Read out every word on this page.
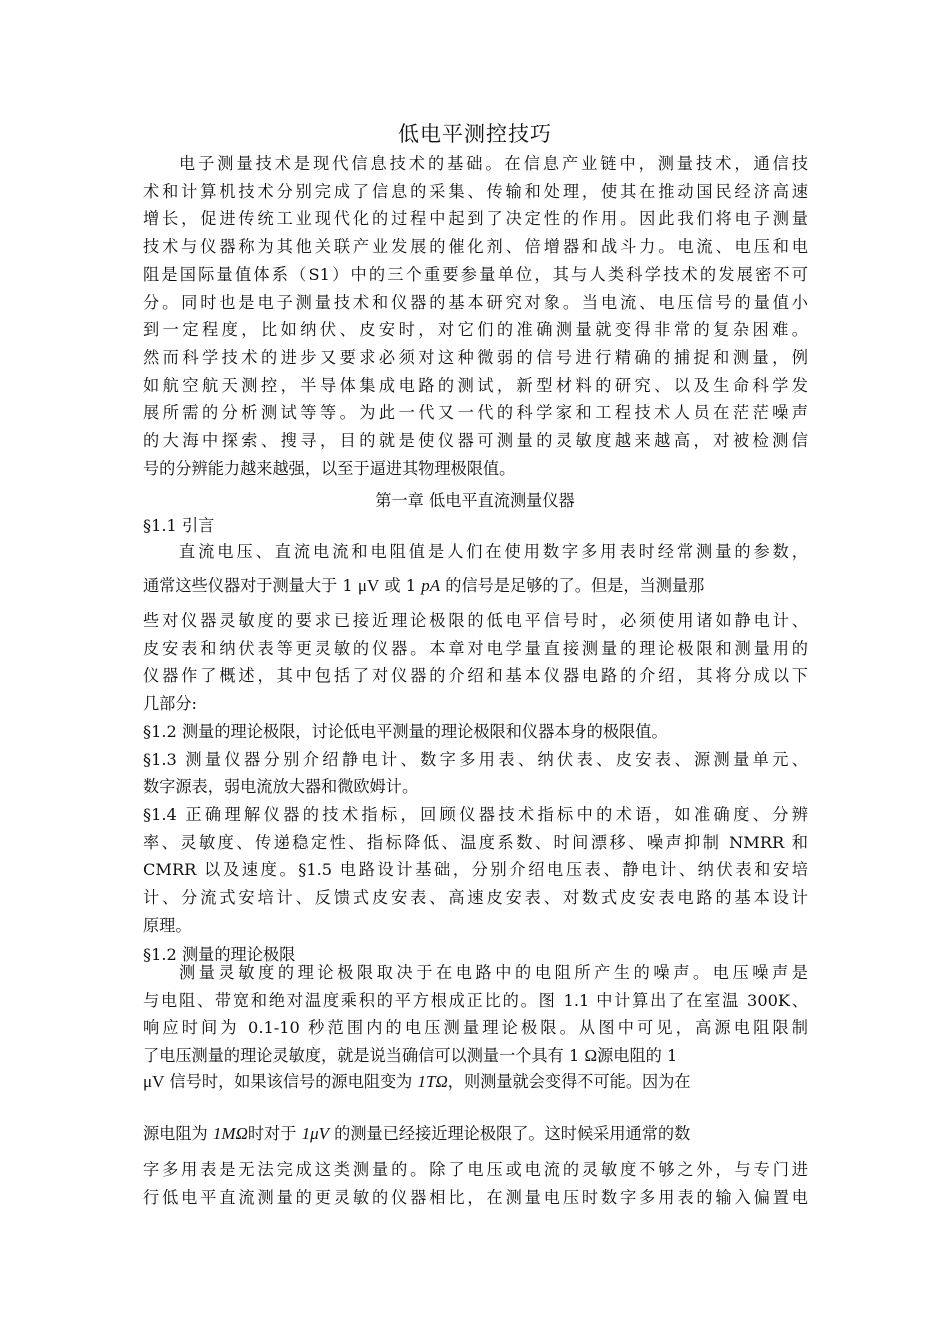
低电平测控技巧
电子测量技术是现代信息技术的基础。在信息产业链中，测量技术，通信技
术和计算机技术分别完成了信息的采集、传输和处理，使其在推动国民经济高速
增长，促进传统工业现代化的过程中起到了决定性的作用。因此我们将电子测量
技术与仪器称为其他关联产业发展的催化剂、倍增器和战斗力。电流、电压和电
阻是国际量值体系（S1）中的三个重要参量单位，其与人类科学技术的发展密不可
分。同时也是电子测量技术和仪器的基本研究对象。当电流、电压信号的量值小
到一定程度，比如纳伏、皮安时，对它们的准确测量就变得非常的复杂困难。
然而科学技术的进步又要求必须对这种微弱的信号进行精确的捕捉和测量，例
如航空航天测控，半导体集成电路的测试，新型材料的研究、以及生命科学发
展所需的分析测试等等。为此一代又一代的科学家和工程技术人员在茫茫噪声
的大海中探索、搜寻，目的就是使仪器可测量的灵敏度越来越高，对被检测信
号的分辨能力越来越强，以至于逼进其物理极限值。
第一章 低电平直流测量仪器
§1.1 引言
直流电压、直流电流和电阻值是人们在使用数字多用表时经常测量的参数，
通常这些仪器对于测量大于 1 μV 或 1 pA 的信号是足够的了。但是，当测量那
些对仪器灵敏度的要求已接近理论极限的低电平信号时，必须使用诸如静电计、
皮安表和纳伏表等更灵敏的仪器。本章对电学量直接测量的理论极限和测量用的
仪器作了概述，其中包括了对仪器的介绍和基本仪器电路的介绍，其将分成以下
几部分:
§1.2 测量的理论极限，讨论低电平测量的理论极限和仪器本身的极限值。
§1.3 测量仪器分别介绍静电计、数字多用表、纳伏表、皮安表、源测量单元、
数字源表，弱电流放大器和微欧姆计。
§1.4 正确理解仪器的技术指标，回顾仪器技术指标中的术语，如准确度、分辨
率、灵敏度、传递稳定性、指标降低、温度系数、时间漂移、噪声抑制 NMRR 和
CMRR 以及速度。§1.5 电路设计基础，分别介绍电压表、静电计、纳伏表和安培
计、分流式安培计、反馈式皮安表、高速皮安表、对数式皮安表电路的基本设计
原理。
§1.2 测量的理论极限
测量灵敏度的理论极限取决于在电路中的电阻所产生的噪声。电压噪声是
与电阻、带宽和绝对温度乘积的平方根成正比的。图 1.1 中计算出了在室温 300K、
响应时间为 0.1-10 秒范围内的电压测量理论极限。从图中可见，高源电阻限制
了电压测量的理论灵敏度，就是说当确信可以测量一个具有 1 Ω源电阻的 1
μV 信号时，如果该信号的源电阻变为 1TΩ，则测量就会变得不可能。因为在
源电阻为 1MΩ时对于 1μV 的测量已经接近理论极限了。这时候采用通常的数
字多用表是无法完成这类测量的。除了电压或电流的灵敏度不够之外，与专门进
行低电平直流测量的更灵敏的仪器相比，在测量电压时数字多用表的输入偏置电
